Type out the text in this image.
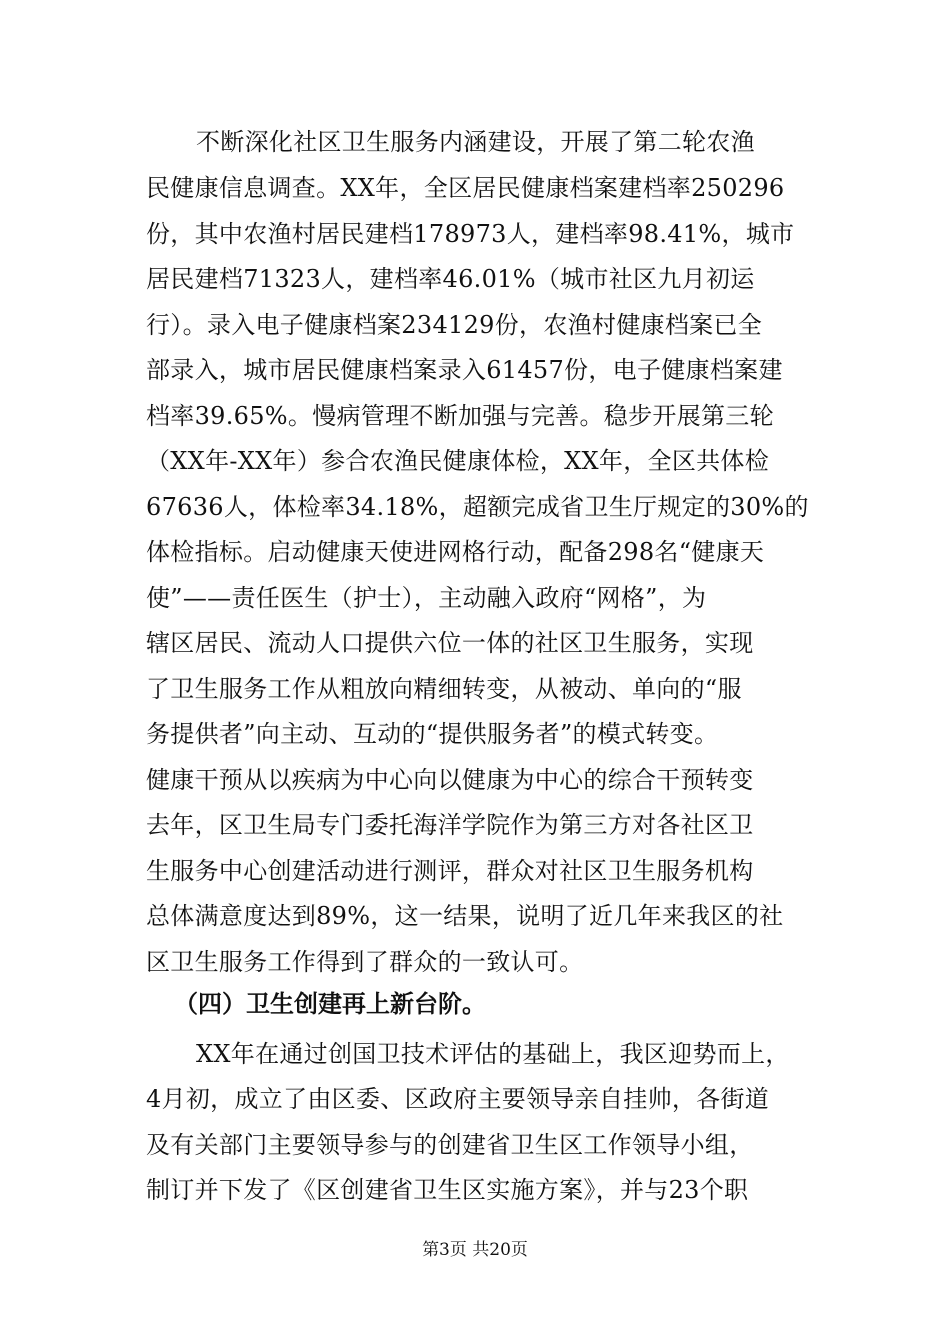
不断深化社区卫生服务内涵建设，开展了第二轮农渔
民健康信息调查。XX年，全区居民健康档案建档率250296
份，其中农渔村居民建档178973人，建档率98.41%，城市
居民建档71323人，建档率46.01%（城市社区九月初运
行）。录入电子健康档案234129份，农渔村健康档案已全
部录入，城市居民健康档案录入61457份，电子健康档案建
档率39.65%。慢病管理不断加强与完善。稳步开展第三轮
（XX年-XX年）参合农渔民健康体检，XX年，全区共体检
67636人，体检率34.18%，超额完成省卫生厅规定的30%的
体检指标。启动健康天使进网格行动，配备298名“健康天
使”——责任医生（护士），主动融入政府“网格”，为
辖区居民、流动人口提供六位一体的社区卫生服务，实现
了卫生服务工作从粗放向精细转变，从被动、单向的“服
务提供者”向主动、互动的“提供服务者”的模式转变。
健康干预从以疾病为中心向以健康为中心的综合干预转变
去年，区卫生局专门委托海洋学院作为第三方对各社区卫
生服务中心创建活动进行测评，群众对社区卫生服务机构
总体满意度达到89%，这一结果，说明了近几年来我区的社
区卫生服务工作得到了群众的一致认可。
（四）卫生创建再上新台阶。
XX年在通过创国卫技术评估的基础上，我区迎势而上，
4月初，成立了由区委、区政府主要领导亲自挂帅，各街道
及有关部门主要领导参与的创建省卫生区工作领导小组，
制订并下发了《区创建省卫生区实施方案》，并与23个职
第3页 共20页
